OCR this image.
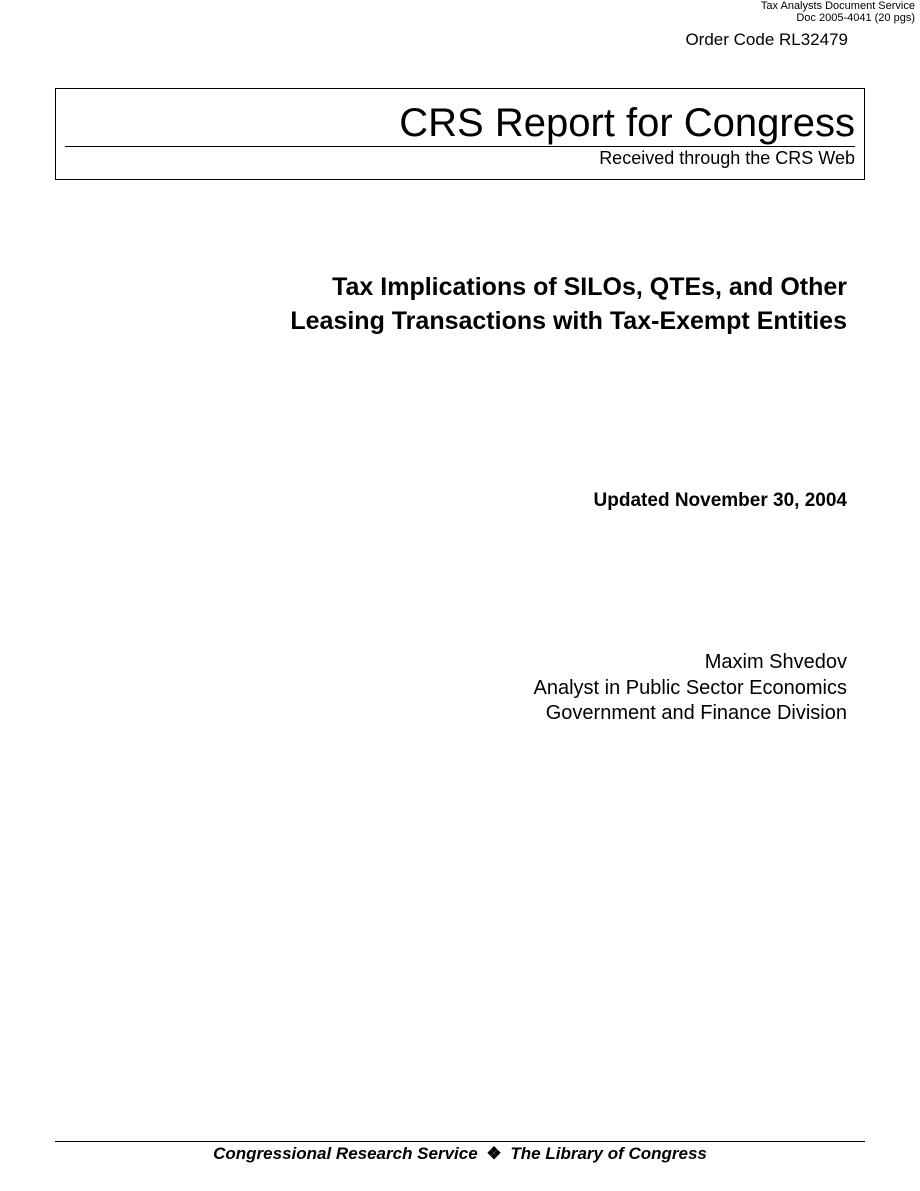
Tax Analysts Document Service
Doc 2005-4041 (20 pgs)
Order Code RL32479
CRS Report for Congress
Received through the CRS Web
Tax Implications of SILOs, QTEs, and Other
Leasing Transactions with Tax-Exempt Entities
Updated November 30, 2004
Maxim Shvedov
Analyst in Public Sector Economics
Government and Finance Division
Congressional Research Service ❖ The Library of Congress
